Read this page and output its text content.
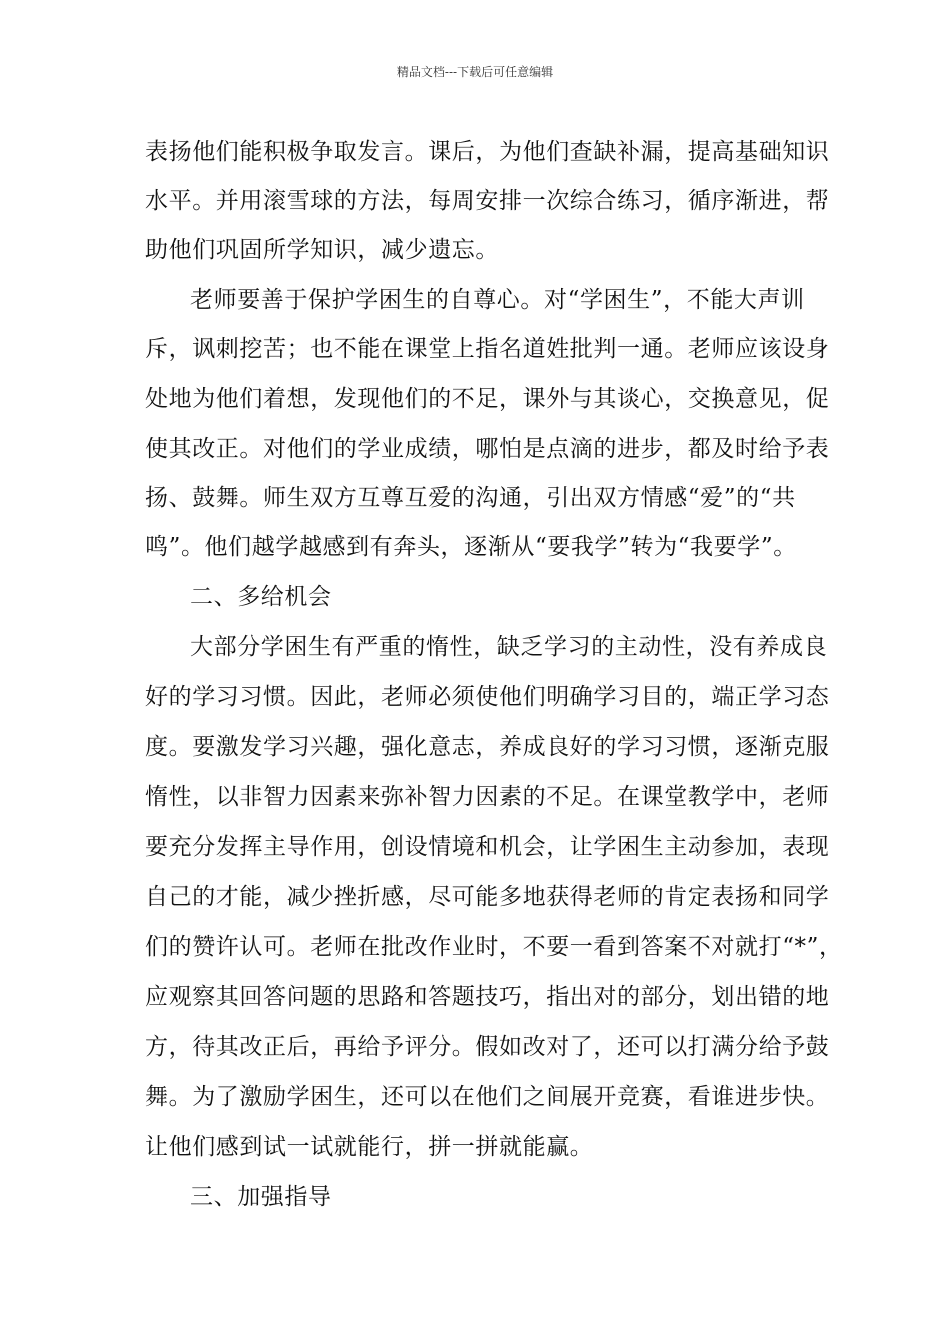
精品文档---下载后可任意编辑
表扬他们能积极争取发言。课后，为他们查缺补漏，提高基础知识
水平。并用滚雪球的方法，每周安排一次综合练习，循序渐进，帮
助他们巩固所学知识，减少遗忘。
老师要善于保护学困生的自尊心。对“学困生”，不能大声训
斥，讽刺挖苦；也不能在课堂上指名道姓批判一通。老师应该设身
处地为他们着想，发现他们的不足，课外与其谈心，交换意见，促
使其改正。对他们的学业成绩，哪怕是点滴的进步，都及时给予表
扬、鼓舞。师生双方互尊互爱的沟通，引出双方情感“爱”的“共
鸣”。他们越学越感到有奔头，逐渐从“要我学”转为“我要学”。
二、多给机会
大部分学困生有严重的惰性，缺乏学习的主动性，没有养成良
好的学习习惯。因此，老师必须使他们明确学习目的，端正学习态
度。要激发学习兴趣，强化意志，养成良好的学习习惯，逐渐克服
惰性，以非智力因素来弥补智力因素的不足。在课堂教学中，老师
要充分发挥主导作用，创设情境和机会，让学困生主动参加，表现
自己的才能，减少挫折感，尽可能多地获得老师的肯定表扬和同学
们的赞许认可。老师在批改作业时，不要一看到答案不对就打“*”，
应观察其回答问题的思路和答题技巧，指出对的部分，划出错的地
方，待其改正后，再给予评分。假如改对了，还可以打满分给予鼓
舞。为了激励学困生，还可以在他们之间展开竞赛，看谁进步快。
让他们感到试一试就能行，拼一拼就能赢。
三、加强指导
